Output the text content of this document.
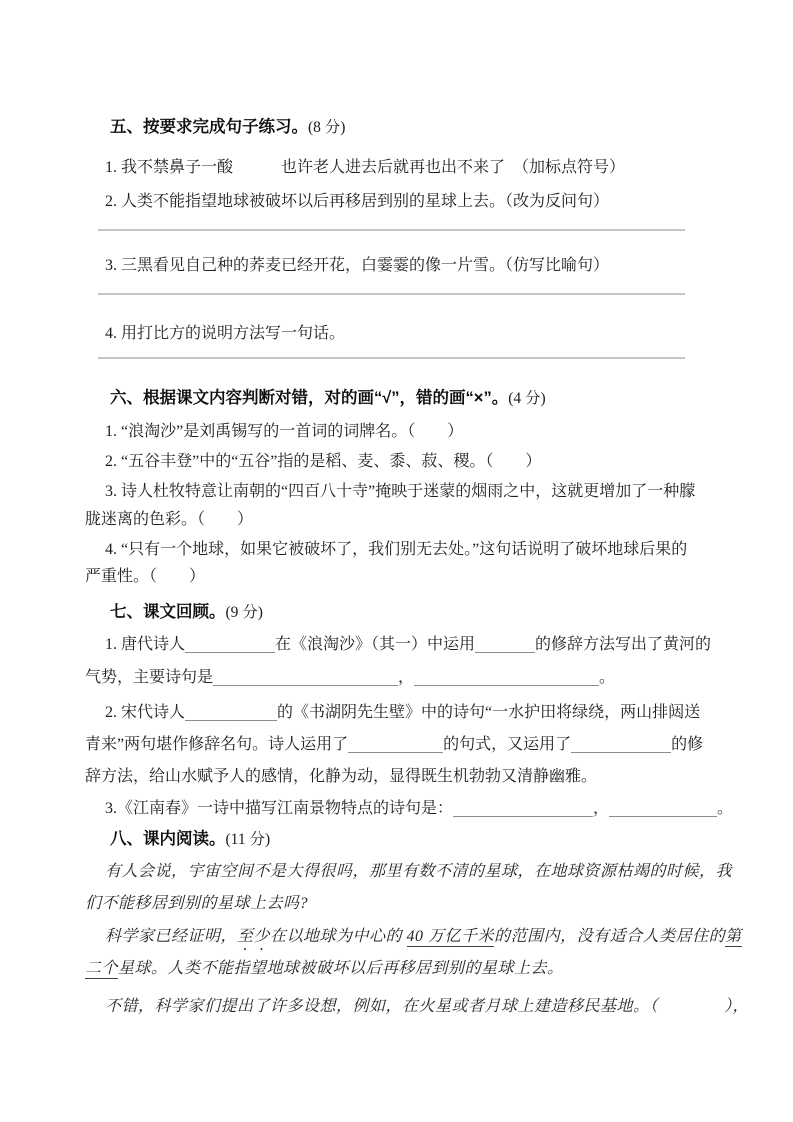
五、按要求完成句子练习。(8 分)
1. 我不禁鼻子一酸　　　也许老人进去后就再也出不来了　（加标点符号）
2. 人类不能指望地球被破坏以后再移居到别的星球上去。（改为反问句）
3. 三黑看见自己种的荞麦已经开花，白霎霎的像一片雪。（仿写比喻句）
4. 用打比方的说明方法写一句话。
六、根据课文内容判断对错，对的画“√”，错的画“×”。(4 分)
1. “浪淘沙”是刘禹锡写的一首词的词牌名。（　　）
2. “五谷丰登”中的“五谷”指的是稻、麦、黍、菽、稷。（　　）
3. 诗人杜牧特意让南朝的“四百八十寺”掩映于迷蒙的烟雨之中，这就更增加了一种朦
胧迷离的色彩。（　　）
4. “只有一个地球，如果它被破坏了，我们别无去处。”这句话说明了破坏地球后果的
严重性。（　　）
七、课文回顾。(9 分)
1. 唐代诗人	在《浪淘沙》（其一）中运用	的修辞方法写出了黄河的
气势，主要诗句是	，	。
2. 宋代诗人	的《书湖阴先生壁》中的诗句“一水护田将绿绕，两山排闼送
青来”两句堪作修辞名句。诗人运用了	的句式，又运用了	的修
辞方法，给山水赋予人的感情，化静为动，显得既生机勃勃又清静幽雅。
3.《江南春》一诗中描写江南景物特点的诗句是：	，	。
八、课内阅读。(11 分)
有人会说，宇宙空间不是大得很吗，那里有数不清的星球，在地球资源枯竭的时候，我
们不能移居到别的星球上去吗?
科学家已经证明，至少在以地球为中心的 40 万亿千米的范围内，没有适合人类居住的第
二个星球。人类不能指望地球被破坏以后再移居到别的星球上去。
不错，科学家们提出了许多设想，例如，在火星或者月球上建造移民基地。（　　　　），
